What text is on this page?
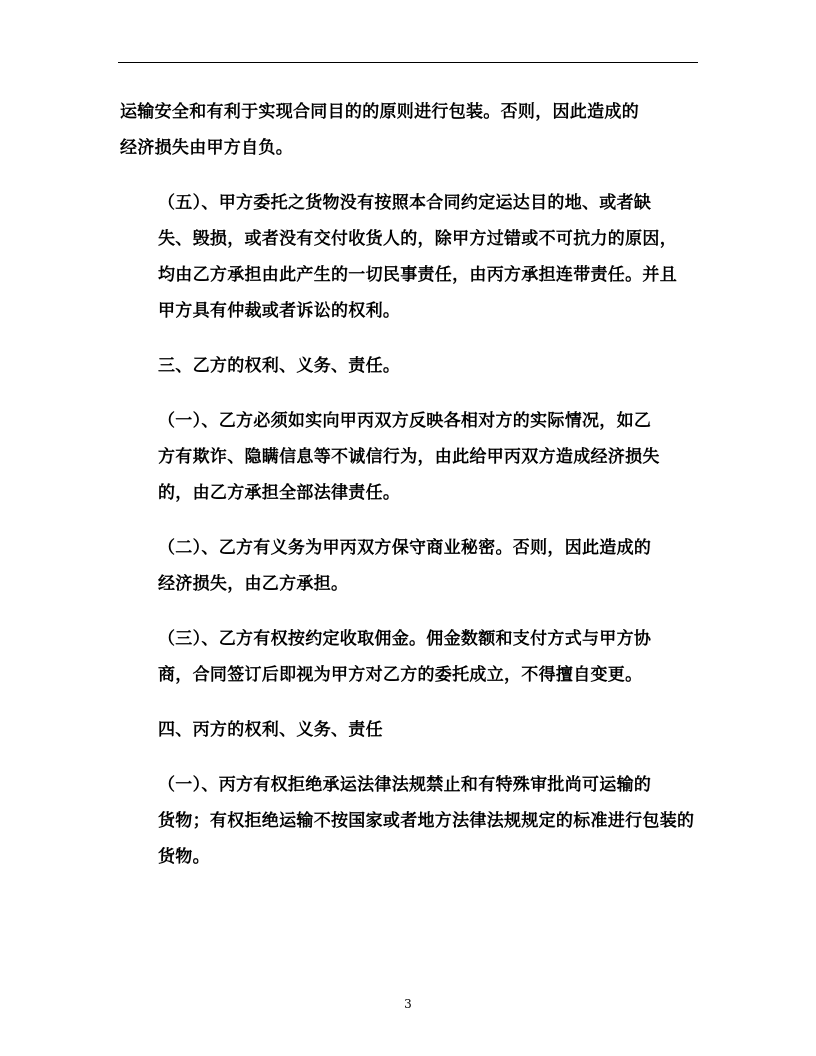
运输安全和有利于实现合同目的的原则进行包装。否则，因此造成的
经济损失由甲方自负。

（五）、甲方委托之货物没有按照本合同约定运达目的地、或者缺
失、毁损，或者没有交付收货人的，除甲方过错或不可抗力的原因，
均由乙方承担由此产生的一切民事责任，由丙方承担连带责任。并且
甲方具有仲裁或者诉讼的权利。

三、乙方的权利、义务、责任。

（一）、乙方必须如实向甲丙双方反映各相对方的实际情况，如乙
方有欺诈、隐瞒信息等不诚信行为，由此给甲丙双方造成经济损失
的，由乙方承担全部法律责任。

（二）、乙方有义务为甲丙双方保守商业秘密。否则，因此造成的
经济损失，由乙方承担。

（三）、乙方有权按约定收取佣金。佣金数额和支付方式与甲方协
商，合同签订后即视为甲方对乙方的委托成立，不得擅自变更。

四、丙方的权利、义务、责任

（一）、丙方有权拒绝承运法律法规禁止和有特殊审批尚可运输的
货物；有权拒绝运输不按国家或者地方法律法规规定的标准进行包装的
货物。

3
